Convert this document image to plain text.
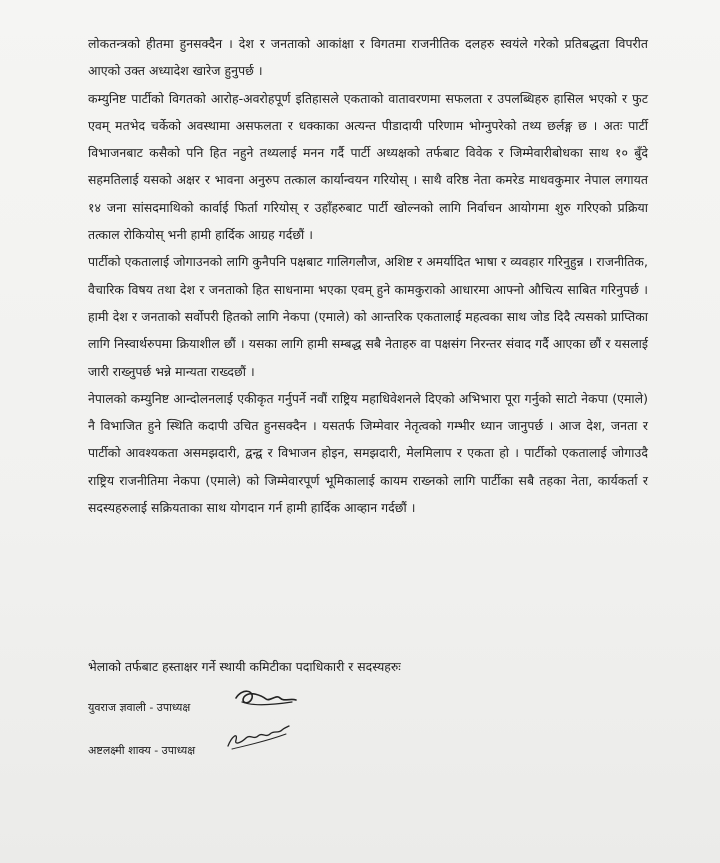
लोकतन्त्रको हीतमा हुनसक्दैन । देश र जनताको आकांक्षा र विगतमा राजनीतिक दलहरु स्वयंले गरेको प्रतिबद्धता विपरीत आएको उक्त अध्यादेश खारेज हुनुपर्छ ।

कम्युनिष्ट पार्टीको विगतको आरोह-अवरोहपूर्ण इतिहासले एकताको वातावरणमा सफलता र उपलब्धिहरु हासिल भएको र फुट एवम् मतभेद चर्केको अवस्थामा असफलता र धक्काका अत्यन्त पीडादायी परिणाम भोग्नुपरेको तथ्य छर्लङ्ग छ । अतः पार्टी विभाजनबाट कसैको पनि हित नहुने तथ्यलाई मनन गर्दै पार्टी अध्यक्षको तर्फबाट विवेक र जिम्मेवारीबोधका साथ १० बुँदे सहमतिलाई यसको अक्षर र भावना अनुरुप तत्काल कार्यान्वयन गरियोस् । साथै वरिष्ठ नेता कमरेड माधवकुमार नेपाल लगायत १४ जना सांसदमाथिको कार्वाई फिर्ता गरियोस् र उहाँहरुबाट पार्टी खोल्नको लागि निर्वाचन आयोगमा शुरु गरिएको प्रक्रिया तत्काल रोकियोस् भनी हामी हार्दिक आग्रह गर्दछौं ।

पार्टीको एकतालाई जोगाउनको लागि कुनैपनि पक्षबाट गालिगलौज, अशिष्ट र अमर्यादित भाषा र व्यवहार गरिनुहुन्न । राजनीतिक, वैचारिक विषय तथा देश र जनताको हित साधनामा भएका एवम् हुने कामकुराको आधारमा आफ्नो औचित्य साबित गरिनुपर्छ । हामी देश र जनताको सर्वोपरी हितको लागि नेकपा (एमाले) को आन्तरिक एकतालाई महत्वका साथ जोड दिदै त्यसको प्राप्तिका लागि निस्वार्थरुपमा क्रियाशील छौं । यसका लागि हामी सम्बद्ध सबै नेताहरु वा पक्षसंग निरन्तर संवाद गर्दै आएका छौं र यसलाई जारी राख्नुपर्छ भन्ने मान्यता राख्दछौं ।

नेपालको कम्युनिष्ट आन्दोलनलाई एकीकृत गर्नुपर्ने नवौं राष्ट्रिय महाधिवेशनले दिएको अभिभारा पूरा गर्नुको साटो नेकपा (एमाले) नै विभाजित हुने स्थिति कदापी उचित हुनसक्दैन । यसतर्फ जिम्मेवार नेतृत्वको गम्भीर ध्यान जानुपर्छ । आज देश, जनता र पार्टीको आवश्यकता असमझदारी, द्वन्द्व र विभाजन होइन, समझदारी, मेलमिलाप र एकता हो । पार्टीको एकतालाई जोगाउदै राष्ट्रिय राजनीतिमा नेकपा (एमाले) को जिम्मेवारपूर्ण भूमिकालाई कायम राख्नको लागि पार्टीका सबै तहका नेता, कार्यकर्ता र सदस्यहरुलाई सक्रियताका साथ योगदान गर्न हामी हार्दिक आव्हान गर्दछौं ।

भेलाको तर्फबाट हस्ताक्षर गर्ने स्थायी कमिटीका पदाधिकारी र सदस्यहरुः
युवराज ज्ञवाली - उपाध्यक्ष
अष्टलक्ष्मी शाक्य - उपाध्यक्ष
